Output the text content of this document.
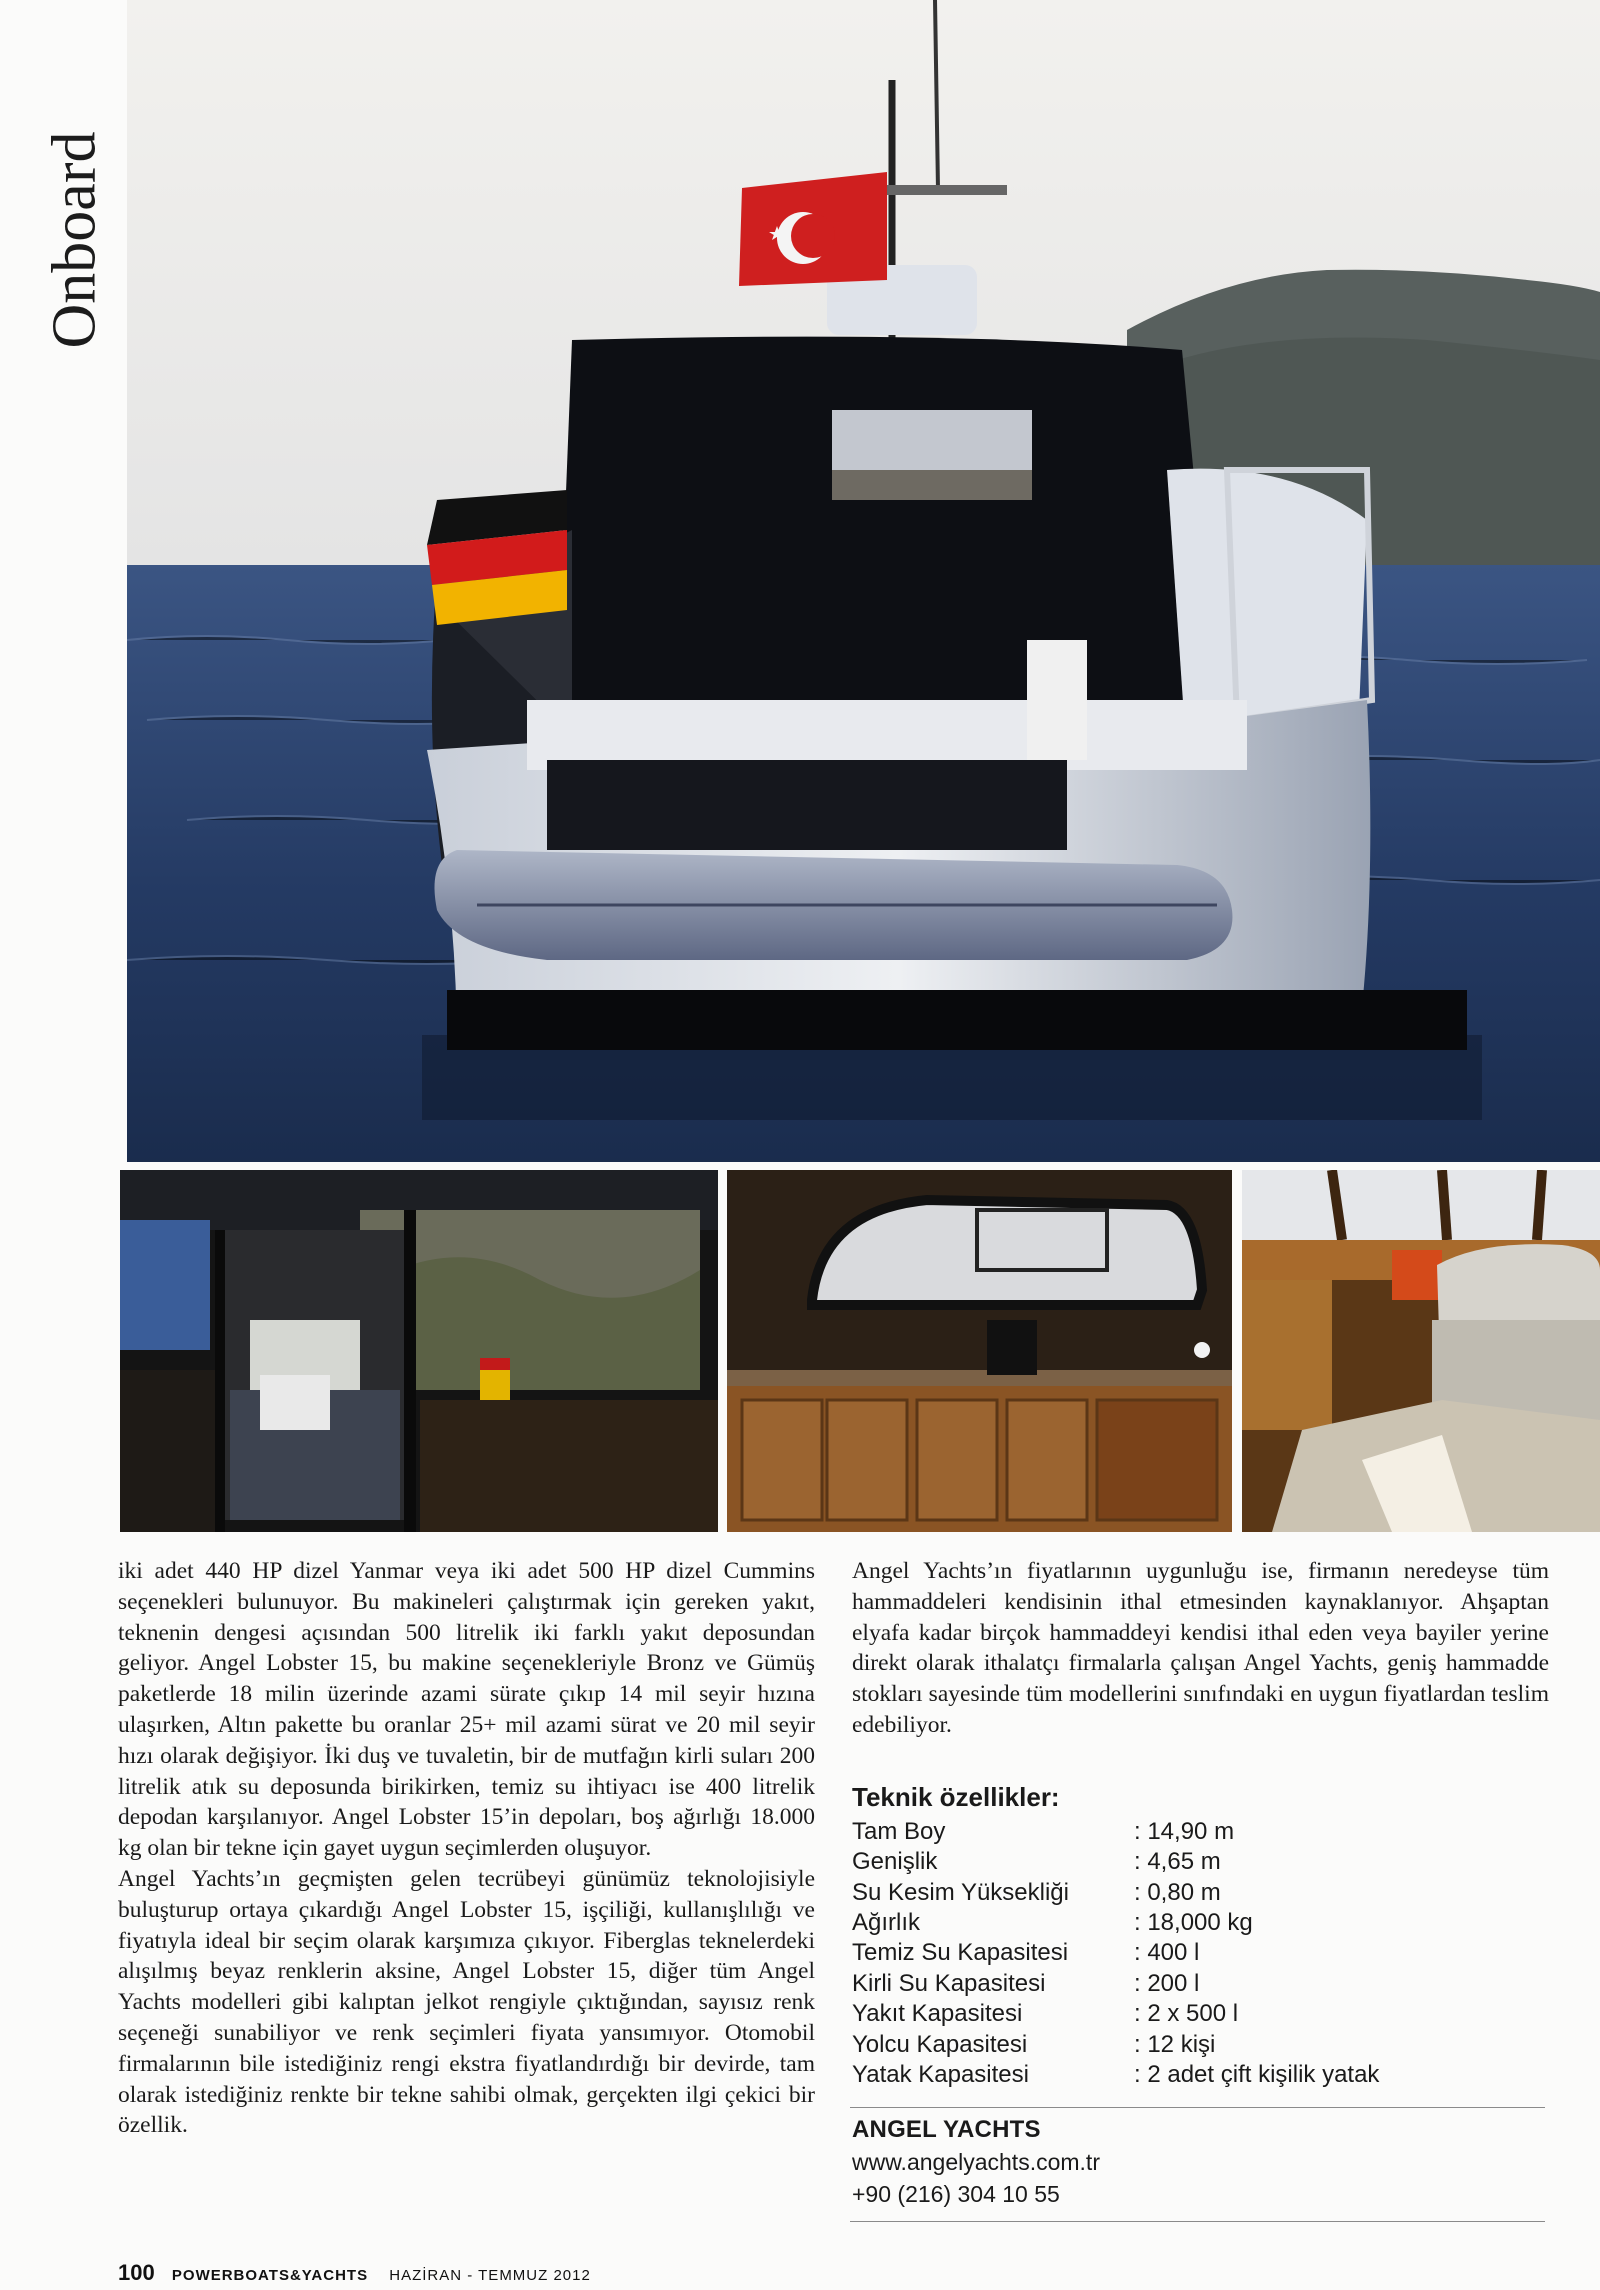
Onboard

iki adet 440 HP dizel Yanmar veya iki adet 500 HP dizel Cummins seçenekleri bulunuyor. Bu makineleri çalıştırmak için gereken yakıt, teknenin dengesi açısından 500 litrelik iki farklı yakıt deposundan geliyor. Angel Lobster 15, bu makine seçenekleriyle Bronz ve Gümüş paketlerde 18 milin üzerinde azami sürate çıkıp 14 mil seyir hızına ulaşırken, Altın pakette bu oranlar 25+ mil azami sürat ve 20 mil seyir hızı olarak değişiyor. İki duş ve tuvaletin, bir de mutfağın kirli suları 200 litrelik atık su deposunda birikirken, temiz su ihtiyacı ise 400 litrelik depodan karşılanıyor. Angel Lobster 15’in depoları, boş ağırlığı 18.000 kg olan bir tekne için gayet uygun seçimlerden oluşuyor.

Angel Yachts’ın geçmişten gelen tecrübeyi günümüz teknolojisiyle buluşturup ortaya çıkardığı Angel Lobster 15, işçiliği, kullanışlılığı ve fiyatıyla ideal bir seçim olarak karşımıza çıkıyor. Fiberglas teknelerdeki alışılmış beyaz renklerin aksine, Angel Lobster 15, diğer tüm Angel Yachts modelleri gibi kalıptan jelkot rengiyle çıktığından, sayısız renk seçeneği sunabiliyor ve renk seçimleri fiyata yansımıyor. Otomobil firmalarının bile istediğiniz rengi ekstra fiyatlandırdığı bir devirde, tam olarak istediğiniz renkte bir tekne sahibi olmak, gerçekten ilgi çekici bir özellik.

Angel Yachts’ın fiyatlarının uygunluğu ise, firmanın neredeyse tüm hammaddeleri kendisinin ithal etmesinden kaynaklanıyor. Ahşaptan elyafa kadar birçok hammaddeyi kendisi ithal eden veya bayiler yerine direkt olarak ithalatçı firmalarla çalışan Angel Yachts, geniş hammadde stokları sayesinde tüm modellerini sınıfındaki en uygun fiyatlardan teslim edebiliyor.

Teknik özellikler:
Tam Boy	: 14,90 m
Genişlik	: 4,65 m
Su Kesim Yüksekliği	: 0,80 m
Ağırlık	: 18,000 kg
Temiz Su Kapasitesi	: 400 l
Kirli Su Kapasitesi	: 200 l
Yakıt Kapasitesi	: 2 x 500 l
Yolcu Kapasitesi	: 12 kişi
Yatak Kapasitesi	: 2 adet çift kişilik yatak
ANGEL YACHTS
www.angelyachts.com.tr
+90 (216) 304 10 55
100 POWERBOATS&YACHTS HAZİRAN - TEMMUZ 2012
